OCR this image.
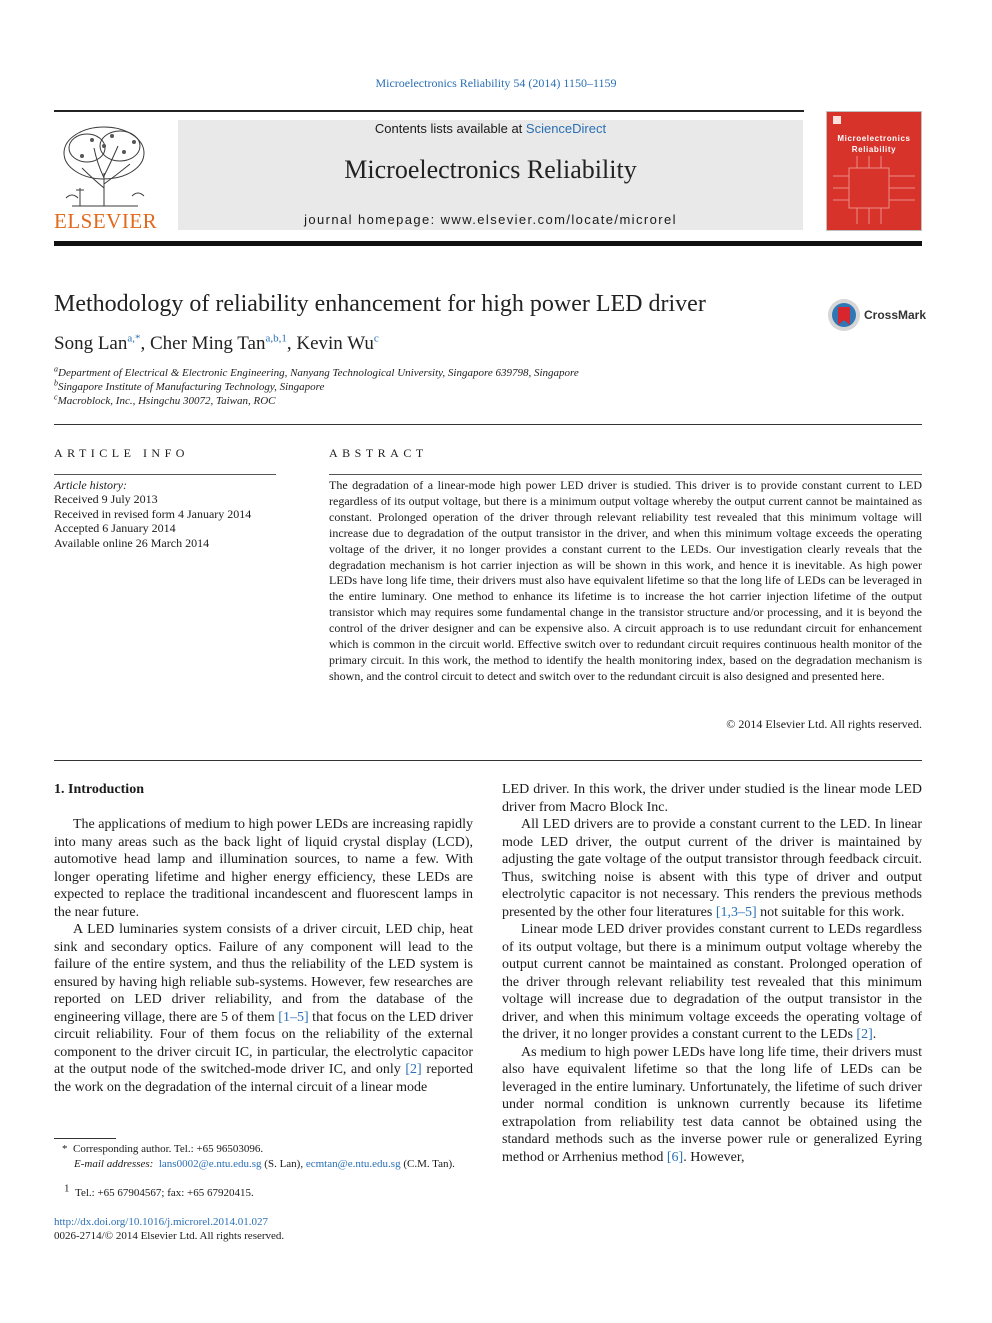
Microelectronics Reliability 54 (2014) 1150–1159
ELSEVIER
Contents lists available at ScienceDirect
Microelectronics Reliability
journal homepage: www.elsevier.com/locate/microrel
Microelectronics
Reliability
Methodology of reliability enhancement for high power LED driver	CrossMark
Song Lan$^{a,*}$, Cher Ming Tan$^{a,b,1}$, Kevin Wu$^c$
$^a$Department of Electrical & Electronic Engineering, Nanyang Technological University, Singapore 639798, Singapore
$^b$Singapore Institute of Manufacturing Technology, Singapore
$^c$Macroblock, Inc., Hsingchu 30072, Taiwan, ROC
ARTICLE INFO
Article history:
Received 9 July 2013
Received in revised form 4 January 2014
Accepted 6 January 2014
Available online 26 March 2014
ABSTRACT
The degradation of a linear-mode high power LED driver is studied. This driver is to provide constant current to LED regardless of its output voltage, but there is a minimum output voltage whereby the output current cannot be maintained as constant. Prolonged operation of the driver through relevant reliability test revealed that this minimum voltage will increase due to degradation of the output transistor in the driver, and when this minimum voltage exceeds the operating voltage of the driver, it no longer provides a constant current to the LEDs. Our investigation clearly reveals that the degradation mechanism is hot carrier injection as will be shown in this work, and hence it is inevitable. As high power LEDs have long life time, their drivers must also have equivalent lifetime so that the long life of LEDs can be leveraged in the entire luminary. One method to enhance its lifetime is to increase the hot carrier injection lifetime of the output transistor which may requires some fundamental change in the transistor structure and/or processing, and it is beyond the control of the driver designer and can be expensive also. A circuit approach is to use redundant circuit for enhancement which is common in the circuit world. Effective switch over to redundant circuit requires continuous health monitor of the primary circuit. In this work, the method to identify the health monitoring index, based on the degradation mechanism is shown, and the control circuit to detect and switch over to the redundant circuit is also designed and presented here.
© 2014 Elsevier Ltd. All rights reserved.
1. Introduction

The applications of medium to high power LEDs are increasing rapidly into many areas such as the back light of liquid crystal display (LCD), automotive head lamp and illumination sources, to name a few. With longer operating lifetime and higher energy efficiency, these LEDs are expected to replace the traditional incandescent and fluorescent lamps in the near future.

A LED luminaries system consists of a driver circuit, LED chip, heat sink and secondary optics. Failure of any component will lead to the failure of the entire system, and thus the reliability of the LED system is ensured by having high reliable sub-systems. However, few researches are reported on LED driver reliability, and from the database of the engineering village, there are 5 of them [1–5] that focus on the LED driver circuit reliability. Four of them focus on the reliability of the external component to the driver circuit IC, in particular, the electrolytic capacitor at the output node of the switched-mode driver IC, and only [2] reported the work on the degradation of the internal circuit of a linear mode

LED driver. In this work, the driver under studied is the linear mode LED driver from Macro Block Inc.

All LED drivers are to provide a constant current to the LED. In linear mode LED driver, the output current of the driver is maintained by adjusting the gate voltage of the output transistor through feedback circuit. Thus, switching noise is absent with this type of driver and output electrolytic capacitor is not necessary. This renders the previous methods presented by the other four literatures [1,3–5] not suitable for this work.

Linear mode LED driver provides constant current to LEDs regardless of its output voltage, but there is a minimum output voltage whereby the output current cannot be maintained as constant. Prolonged operation of the driver through relevant reliability test revealed that this minimum voltage will increase due to degradation of the output transistor in the driver, and when this minimum voltage exceeds the operating voltage of the driver, it no longer provides a constant current to the LEDs [2].

As medium to high power LEDs have long life time, their drivers must also have equivalent lifetime so that the long life of LEDs can be leveraged in the entire luminary. Unfortunately, the lifetime of such driver under normal condition is unknown currently because its lifetime extrapolation from reliability test data cannot be obtained using the standard methods such as the inverse power rule or generalized Eyring method or Arrhenius method [6]. However,

* Corresponding author. Tel.: +65 96503096.
E-mail addresses: lans0002@e.ntu.edu.sg (S. Lan), ecmtan@e.ntu.edu.sg (C.M. Tan).
$^1$ Tel.: +65 67904567; fax: +65 67920415.
http://dx.doi.org/10.1016/j.microrel.2014.01.027
0026-2714/© 2014 Elsevier Ltd. All rights reserved.
